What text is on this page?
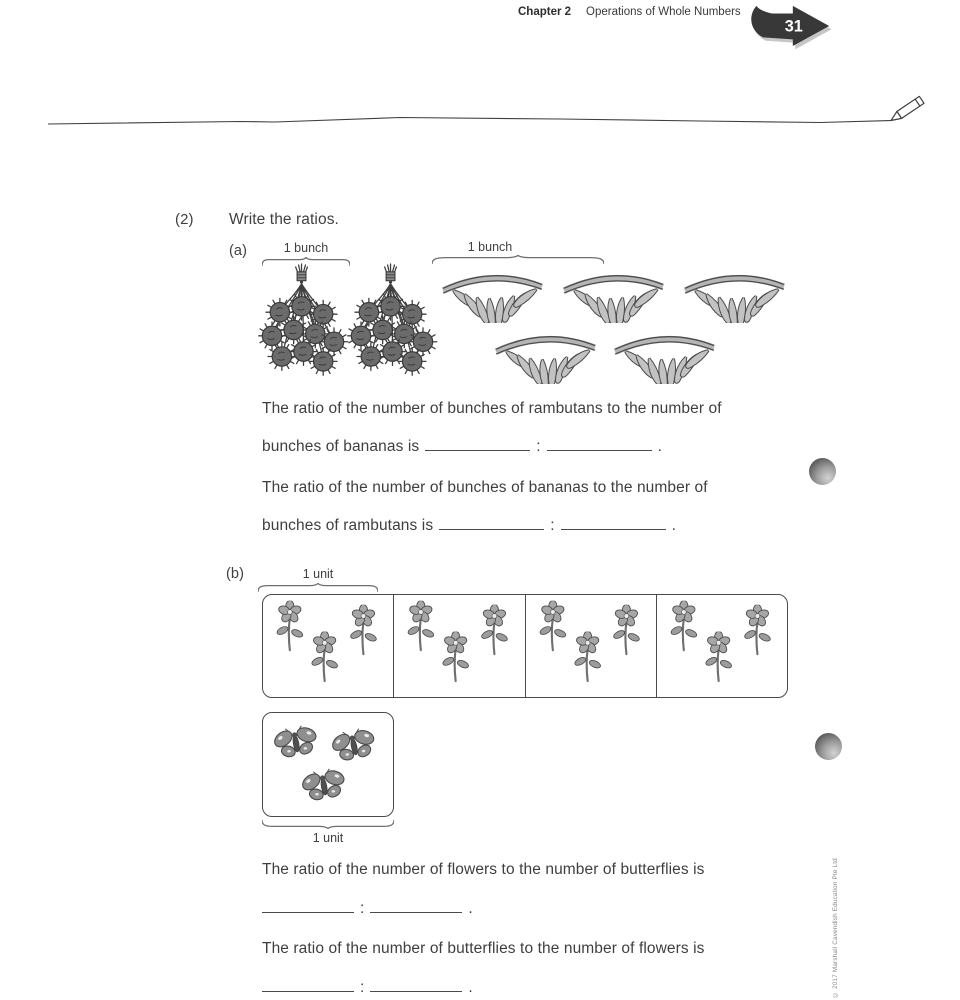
Chapter 2 Operations of Whole Numbers
31
(2) Write the ratios.
(a)	1 bunch	1 bunch
The ratio of the number of bunches of rambutans to the number of
bunches of bananas is	:	.
The ratio of the number of bunches of bananas to the number of
bunches of rambutans is	:	.
(b)	1 unit
1 unit
The ratio of the number of flowers to the number of butterflies is
:	.
The ratio of the number of butterflies to the number of flowers is
:	.	© 2017 Marshall Cavendish Education Pte Ltd
